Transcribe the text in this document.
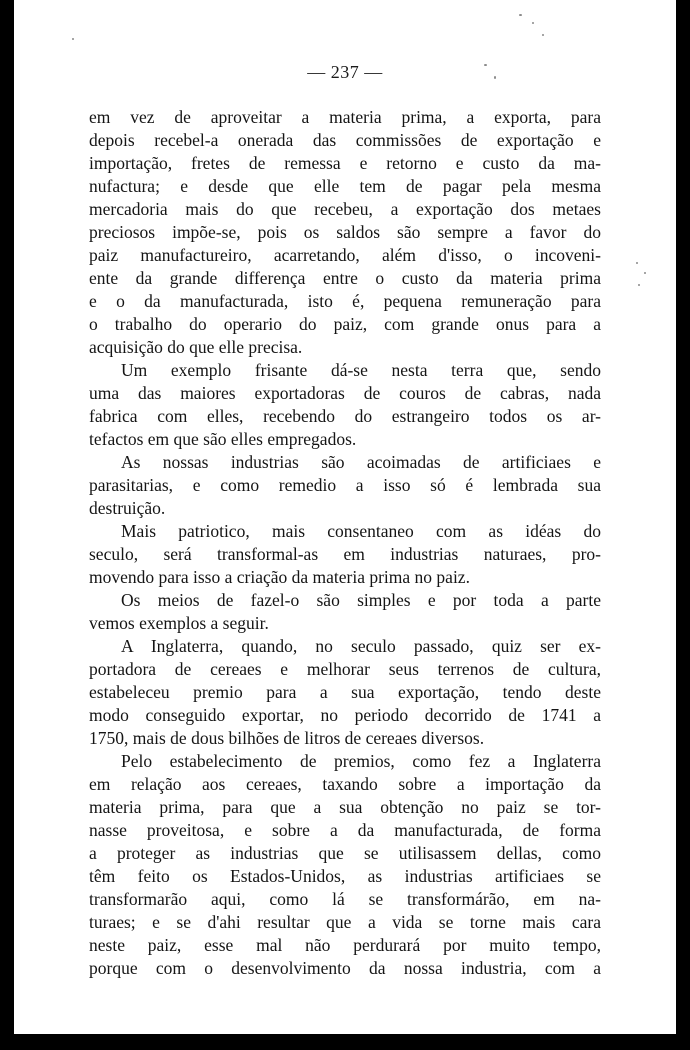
— 237 —
em vez de aproveitar a materia prima, a exporta, para
depois recebel-a onerada das commissões de exportação e
importação, fretes de remessa e retorno e custo da ma-
nufactura; e desde que elle tem de pagar pela mesma
mercadoria mais do que recebeu, a exportação dos metaes
preciosos impõe-se, pois os saldos são sempre a favor do
paiz manufactureiro, acarretando, além d'isso, o incoveni-
ente da grande differença entre o custo da materia prima
e o da manufacturada, isto é, pequena remuneração para
o trabalho do operario do paiz, com grande onus para a
acquisição do que elle precisa.
Um exemplo frisante dá-se nesta terra que, sendo
uma das maiores exportadoras de couros de cabras, nada
fabrica com elles, recebendo do estrangeiro todos os ar-
tefactos em que são elles empregados.
As nossas industrias são acoimadas de artificiaes e
parasitarias, e como remedio a isso só é lembrada sua
destruição.
Mais patriotico, mais consentaneo com as idéas do
seculo, será transformal-as em industrias naturaes, pro-
movendo para isso a criação da materia prima no paiz.
Os meios de fazel-o são simples e por toda a parte
vemos exemplos a seguir.
A Inglaterra, quando, no seculo passado, quiz ser ex-
portadora de cereaes e melhorar seus terrenos de cultura,
estabeleceu premio para a sua exportação, tendo deste
modo conseguido exportar, no periodo decorrido de 1741 a
1750, mais de dous bilhões de litros de cereaes diversos.
Pelo estabelecimento de premios, como fez a Inglaterra
em relação aos cereaes, taxando sobre a importação da
materia prima, para que a sua obtenção no paiz se tor-
nasse proveitosa, e sobre a da manufacturada, de forma
a proteger as industrias que se utilisassem dellas, como
têm feito os Estados-Unidos, as industrias artificiaes se
transformarão aqui, como lá se transformárão, em na-
turaes; e se d'ahi resultar que a vida se torne mais cara
neste paiz, esse mal não perdurará por muito tempo,
porque com o desenvolvimento da nossa industria, com a
